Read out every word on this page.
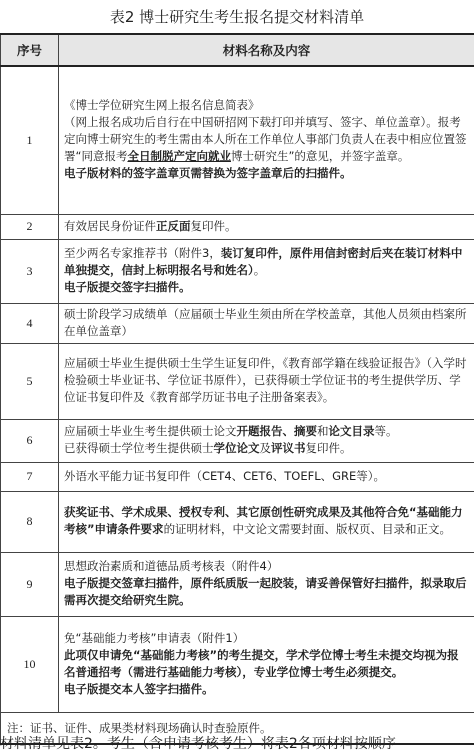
表2 博士研究生考生报名提交材料清单
序号	材料名称及内容
1	《博士学位研究生网上报名信息简表》
（网上报名成功后自行在中国研招网下载打印并填写、签字、单位盖章）。报考定向博士研究生的考生需由本人所在工作单位人事部门负责人在表中相应位置签署“同意报考全日制脱产定向就业博士研究生”的意见，并签字盖章。
电子版材料的签字盖章页需替换为签字盖章后的扫描件。

2	有效居民身份证件正反面复印件。
3	至少两名专家推荐书（附件3，装订复印件，原件用信封密封后夹在装订材料中单独提交，信封上标明报名号和姓名）。
电子版提交签字扫描件。

4	硕士阶段学习成绩单（应届硕士毕业生须由所在学校盖章，其他人员须由档案所在单位盖章）
5	应届硕士毕业生提供硕士生学生证复印件，《教育部学籍在线验证报告》（入学时检验硕士毕业证书、学位证书原件），已获得硕士学位证书的考生提供学历、学位证书复印件及《教育部学历证书电子注册备案表》。
6	应届硕士毕业生考生提供硕士论文开题报告、摘要和论文目录等。
已获得硕士学位考生提供硕士学位论文及评议书复印件。

7	外语水平能力证书复印件（CET4、CET6、TOEFL、GRE等）。
8	获奖证书、学术成果、授权专利、其它原创性研究成果及其他符合免“基础能力考核”申请条件要求的证明材料，中文论文需要封面、版权页、目录和正文。
9	思想政治素质和道德品质考核表（附件4）
电子版提交签章扫描件，原件纸质版一起胶装，请妥善保管好扫描件，拟录取后需再次提交给研究生院。

10	免“基础能力考核”申请表（附件1）
此项仅申请免“基础能力考核”的考生提交，学术学位博士考生未提交均视为报名普通招考（需进行基础能力考核），专业学位博士考生必须提交。
电子版提交本人签字扫描件。

注：证书、证件、成果类材料现场确认时查验原件。	
材料清单见表2。考生（含申请考核考生）将表2各项材料按顺序
